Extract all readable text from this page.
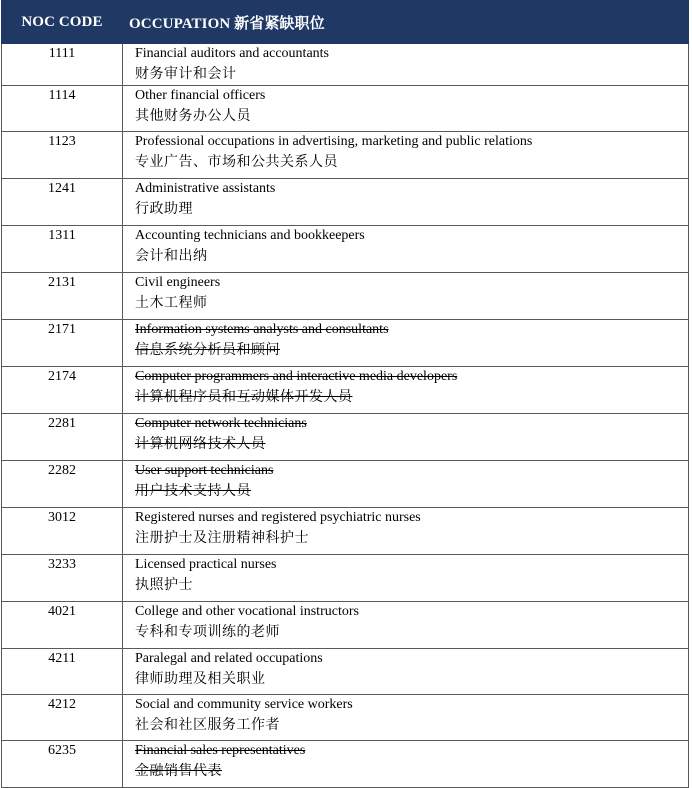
NOC CODE	OCCUPATION 新省紧缺职位
1111	Financial auditors and accountants
财务审计和会计

1114	Other financial officers
其他财务办公人员

1123	Professional occupations in advertising, marketing and public relations
专业广告、市场和公共关系人员

1241	Administrative assistants
行政助理

1311	Accounting technicians and bookkeepers
会计和出纳

2131	Civil engineers
土木工程师

2171	Information systems analysts and consultants
信息系统分析员和顾问

2174	Computer programmers and interactive media developers
计算机程序员和互动媒体开发人员

2281	Computer network technicians
计算机网络技术人员

2282	User support technicians
用户技术支持人员

3012	Registered nurses and registered psychiatric nurses
注册护士及注册精神科护士

3233	Licensed practical nurses
执照护士

4021	College and other vocational instructors
专科和专项训练的老师

4211	Paralegal and related occupations
律师助理及相关职业

4212	Social and community service workers
社会和社区服务工作者

6235	Financial sales representatives
金融销售代表
